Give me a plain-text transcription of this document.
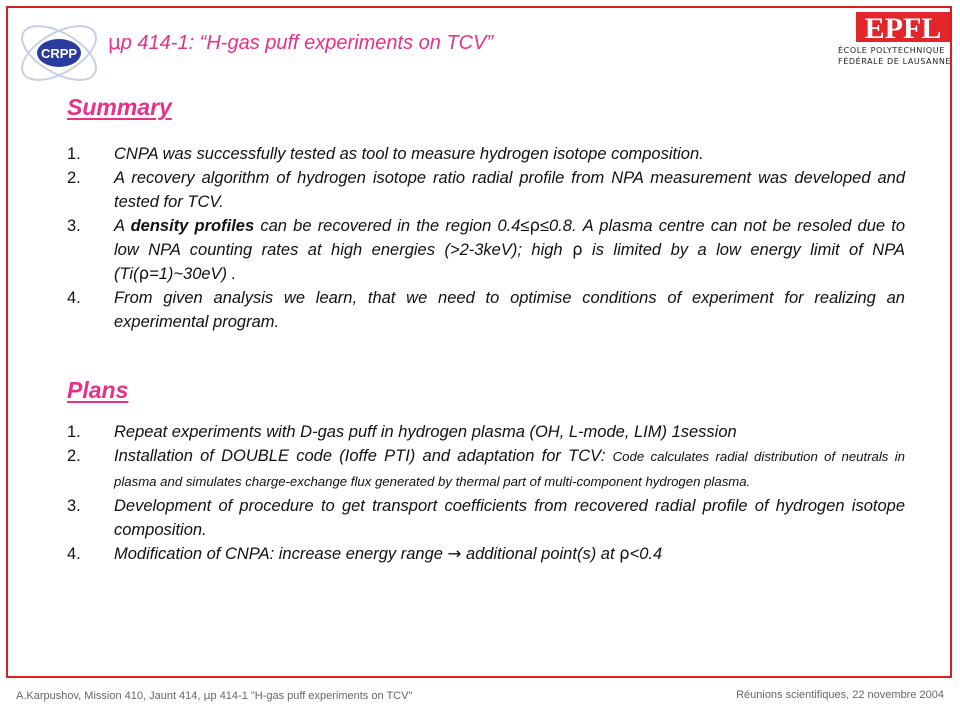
CRPP μp 414-1: “H-gas puff experiments on TCV”	EPFL
ÉCOLE POLYTECHNIQUE
FÉDÉRALE DE LAUSANNE
Summary
1. CNPA was successfully tested as tool to measure hydrogen isotope composition.
2. A recovery algorithm of hydrogen isotope ratio radial profile from NPA measurement was developed and tested for TCV.
3. A density profiles can be recovered in the region 0.4≤ρ≤0.8. A plasma centre can not be resoled due to low NPA counting rates at high energies (>2-3keV); high ρ is limited by a low energy limit of NPA (Ti(ρ=1)~30eV) .
4. From given analysis we learn, that we need to optimise conditions of experiment for realizing an experimental program.
Plans
1. Repeat experiments with D-gas puff in hydrogen plasma (OH, L-mode, LIM) 1session
2. Installation of DOUBLE code (Ioffe PTI) and adaptation for TCV: Code calculates radial distribution of neutrals in plasma and simulates charge-exchange flux generated by thermal part of multi-component hydrogen plasma.
3. Development of procedure to get transport coefficients from recovered radial profile of hydrogen isotope composition.
4. Modification of CNPA: increase energy range → additional point(s) at ρ<0.4
A.Karpushov, Mission 410, Jaunt 414, μp 414-1 "H-gas puff experiments on TCV"	Réunions scientifiques, 22 novembre 2004
